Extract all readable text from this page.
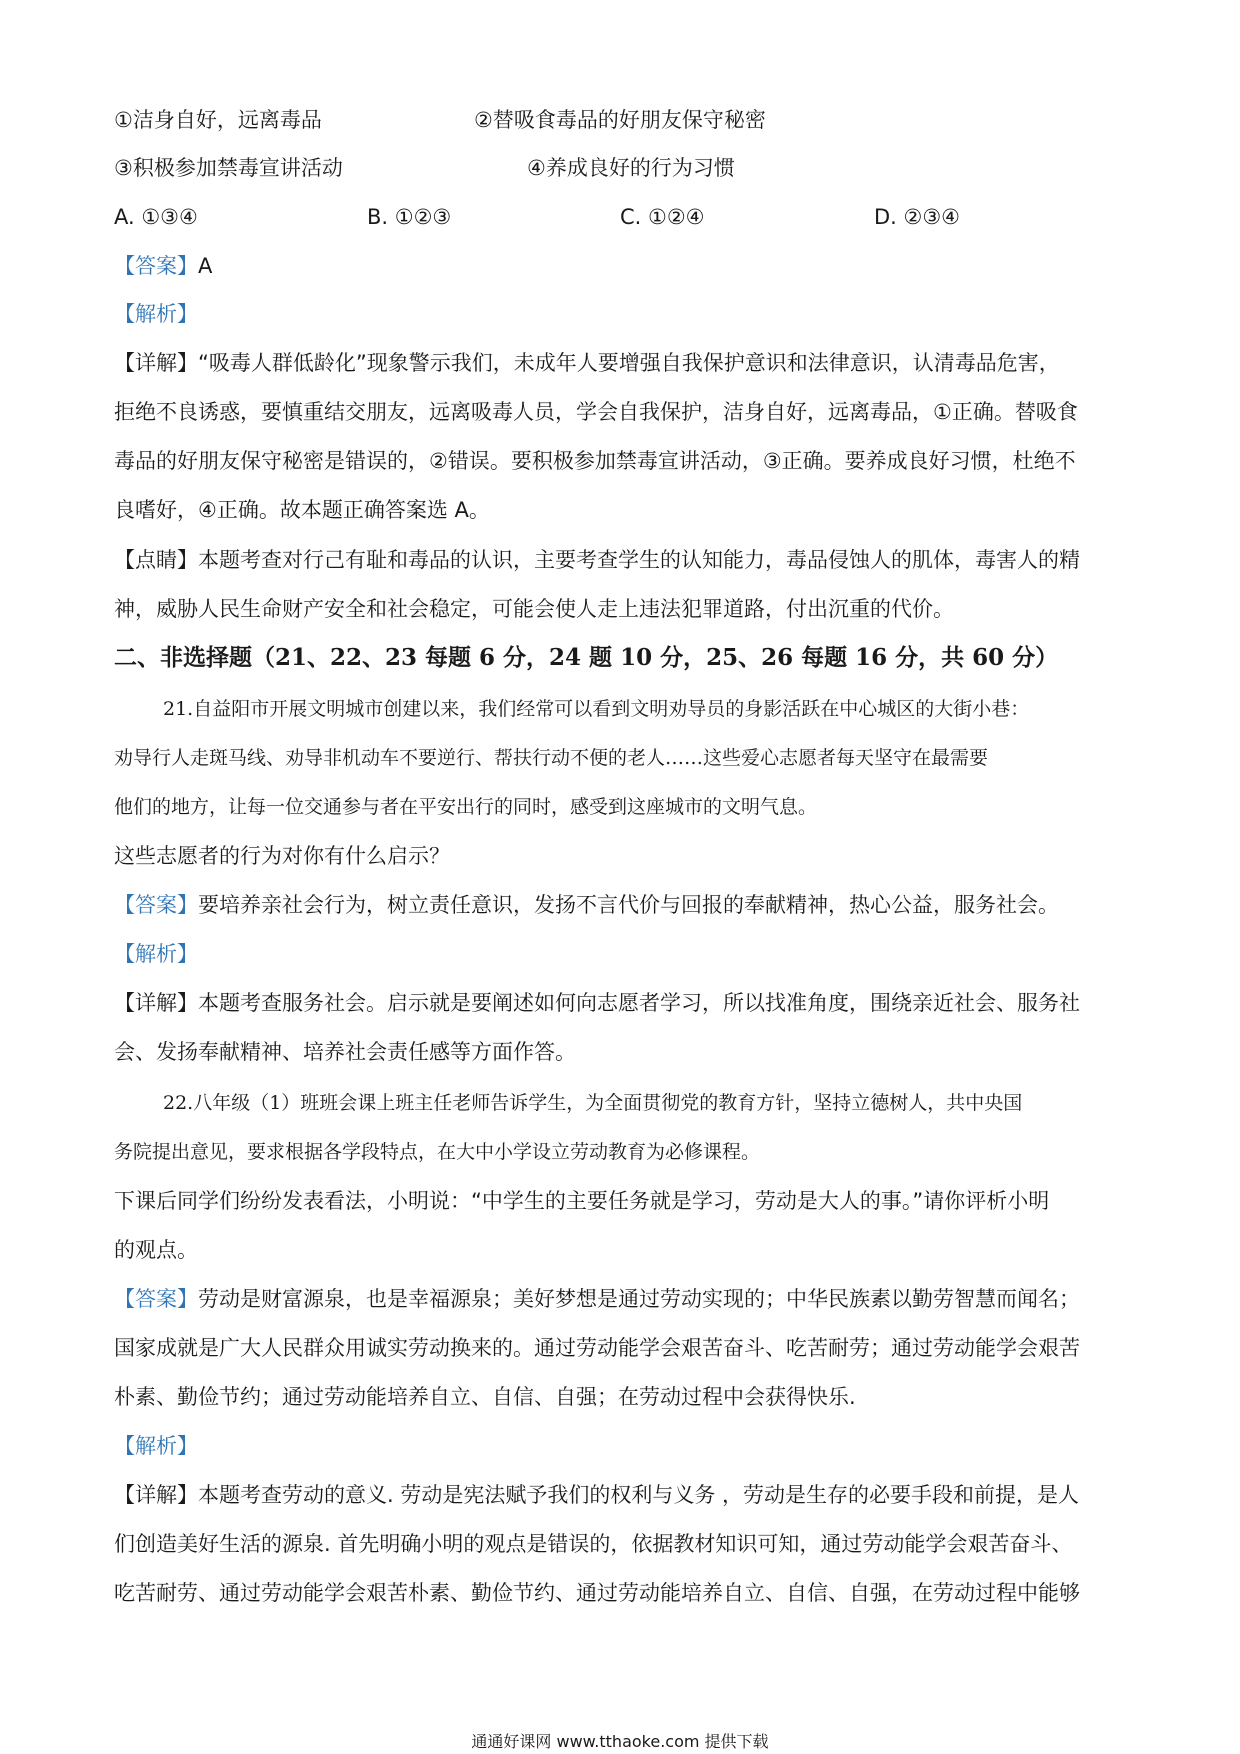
①洁身自好，远离毒品	②替吸食毒品的好朋友保守秘密
③积极参加禁毒宣讲活动	④养成良好的行为习惯
A. ①③④	B. ①②③	C. ①②④	D. ②③④
【答案】A
【解析】
【详解】“吸毒人群低龄化”现象警示我们，未成年人要增强自我保护意识和法律意识，认清毒品危害，
拒绝不良诱惑，要慎重结交朋友，远离吸毒人员，学会自我保护，洁身自好，远离毒品，①正确。替吸食
毒品的好朋友保守秘密是错误的，②错误。要积极参加禁毒宣讲活动，③正确。要养成良好习惯，杜绝不
良嗜好，④正确。故本题正确答案选 A。
【点睛】本题考查对行己有耻和毒品的认识，主要考查学生的认知能力，毒品侵蚀人的肌体，毒害人的精
神，威胁人民生命财产安全和社会稳定，可能会使人走上违法犯罪道路，付出沉重的代价。
二、非选择题（21、22、23 每题 6 分，24 题 10 分，25、26 每题 16 分，共 60 分）
21.自益阳市开展文明城市创建以来，我们经常可以看到文明劝导员的身影活跃在中心城区的大街小巷：
劝导行人走斑马线、劝导非机动车不要逆行、帮扶行动不便的老人……这些爱心志愿者每天坚守在最需要
他们的地方，让每一位交通参与者在平安出行的同时，感受到这座城市的文明气息。
这些志愿者的行为对你有什么启示？
【答案】要培养亲社会行为，树立责任意识，发扬不言代价与回报的奉献精神，热心公益，服务社会。
【解析】
【详解】本题考查服务社会。启示就是要阐述如何向志愿者学习，所以找准角度，围绕亲近社会、服务社
会、发扬奉献精神、培养社会责任感等方面作答。
22.八年级（1）班班会课上班主任老师告诉学生，为全面贯彻党的教育方针，坚持立德树人，共中央国
务院提出意见，要求根据各学段特点，在大中小学设立劳动教育为必修课程。
下课后同学们纷纷发表看法，小明说：“中学生的主要任务就是学习，劳动是大人的事。”请你评析小明
的观点。
【答案】劳动是财富源泉，也是幸福源泉；美好梦想是通过劳动实现的；中华民族素以勤劳智慧而闻名；
国家成就是广大人民群众用诚实劳动换来的。通过劳动能学会艰苦奋斗、吃苦耐劳；通过劳动能学会艰苦
朴素、勤俭节约；通过劳动能培养自立、自信、自强；在劳动过程中会获得快乐.
【解析】
【详解】本题考查劳动的意义. 劳动是宪法赋予我们的权利与义务 ，劳动是生存的必要手段和前提，是人
们创造美好生活的源泉. 首先明确小明的观点是错误的，依据教材知识可知，通过劳动能学会艰苦奋斗、
吃苦耐劳、通过劳动能学会艰苦朴素、勤俭节约、通过劳动能培养自立、自信、自强，在劳动过程中能够
通通好课网 www.tthaoke.com 提供下载
